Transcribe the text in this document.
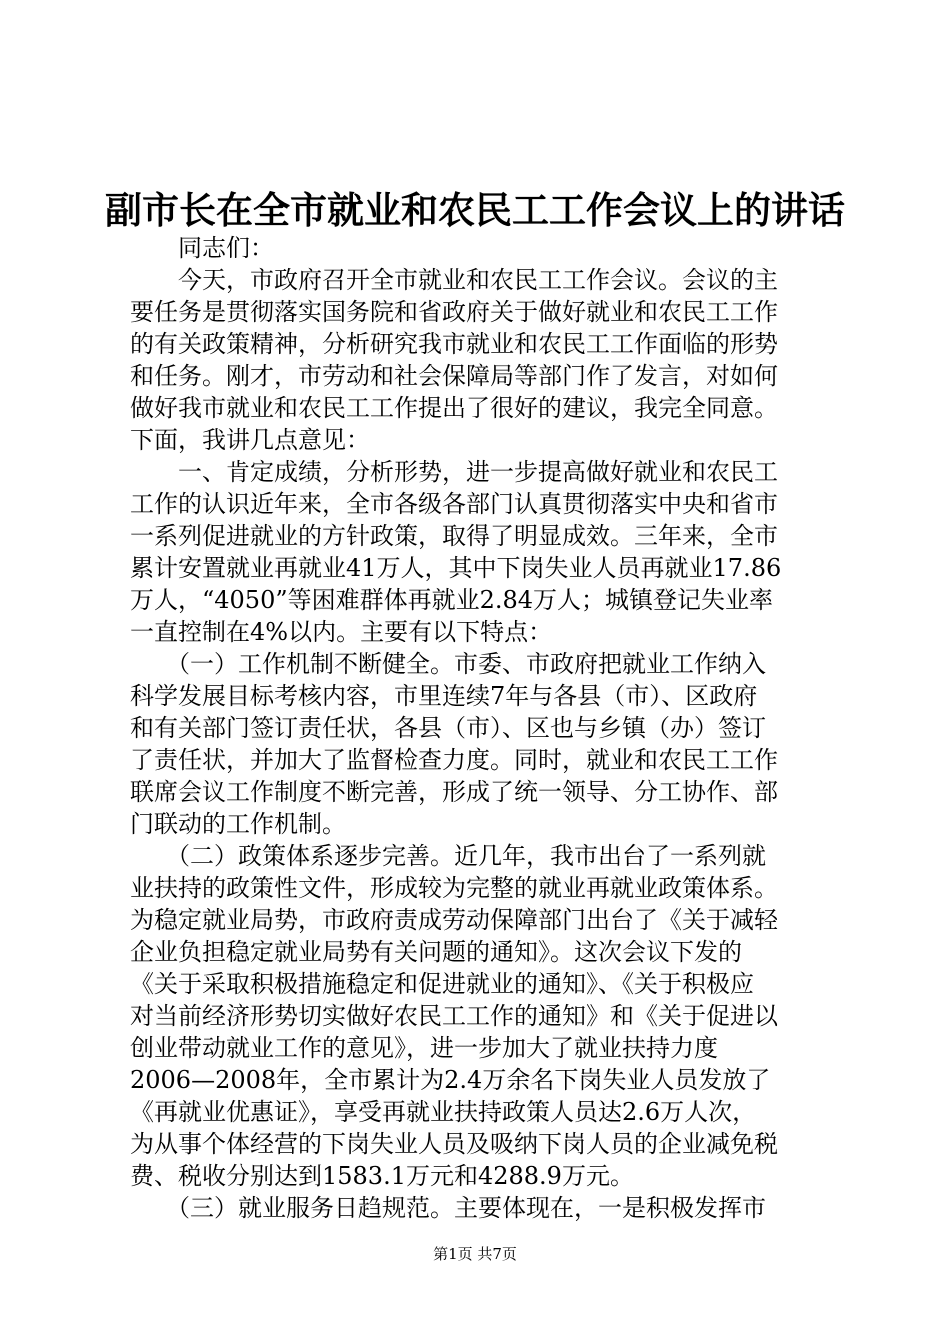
副市长在全市就业和农民工工作会议上的讲话
　　同志们：
　　今天，市政府召开全市就业和农民工工作会议。会议的主
要任务是贯彻落实国务院和省政府关于做好就业和农民工工作
的有关政策精神，分析研究我市就业和农民工工作面临的形势
和任务。刚才，市劳动和社会保障局等部门作了发言，对如何
做好我市就业和农民工工作提出了很好的建议，我完全同意。
下面，我讲几点意见：
　　一、肯定成绩，分析形势，进一步提高做好就业和农民工
工作的认识近年来，全市各级各部门认真贯彻落实中央和省市
一系列促进就业的方针政策，取得了明显成效。三年来，全市
累计安置就业再就业41万人，其中下岗失业人员再就业17.86
万人，“4050”等困难群体再就业2.84万人；城镇登记失业率
一直控制在4%以内。主要有以下特点：
　　（一）工作机制不断健全。市委、市政府把就业工作纳入
科学发展目标考核内容，市里连续7年与各县（市）、区政府
和有关部门签订责任状，各县（市）、区也与乡镇（办）签订
了责任状，并加大了监督检查力度。同时，就业和农民工工作
联席会议工作制度不断完善，形成了统一领导、分工协作、部
门联动的工作机制。
　　（二）政策体系逐步完善。近几年，我市出台了一系列就
业扶持的政策性文件，形成较为完整的就业再就业政策体系。
为稳定就业局势，市政府责成劳动保障部门出台了《关于减轻
企业负担稳定就业局势有关问题的通知》。这次会议下发的
《关于采取积极措施稳定和促进就业的通知》、《关于积极应
对当前经济形势切实做好农民工工作的通知》和《关于促进以
创业带动就业工作的意见》，进一步加大了就业扶持力度
2006—2008年，全市累计为2.4万余名下岗失业人员发放了
《再就业优惠证》，享受再就业扶持政策人员达2.6万人次，
为从事个体经营的下岗失业人员及吸纳下岗人员的企业减免税
费、税收分别达到1583.1万元和4288.9万元。
　　（三）就业服务日趋规范。主要体现在，一是积极发挥市
第1页 共7页
